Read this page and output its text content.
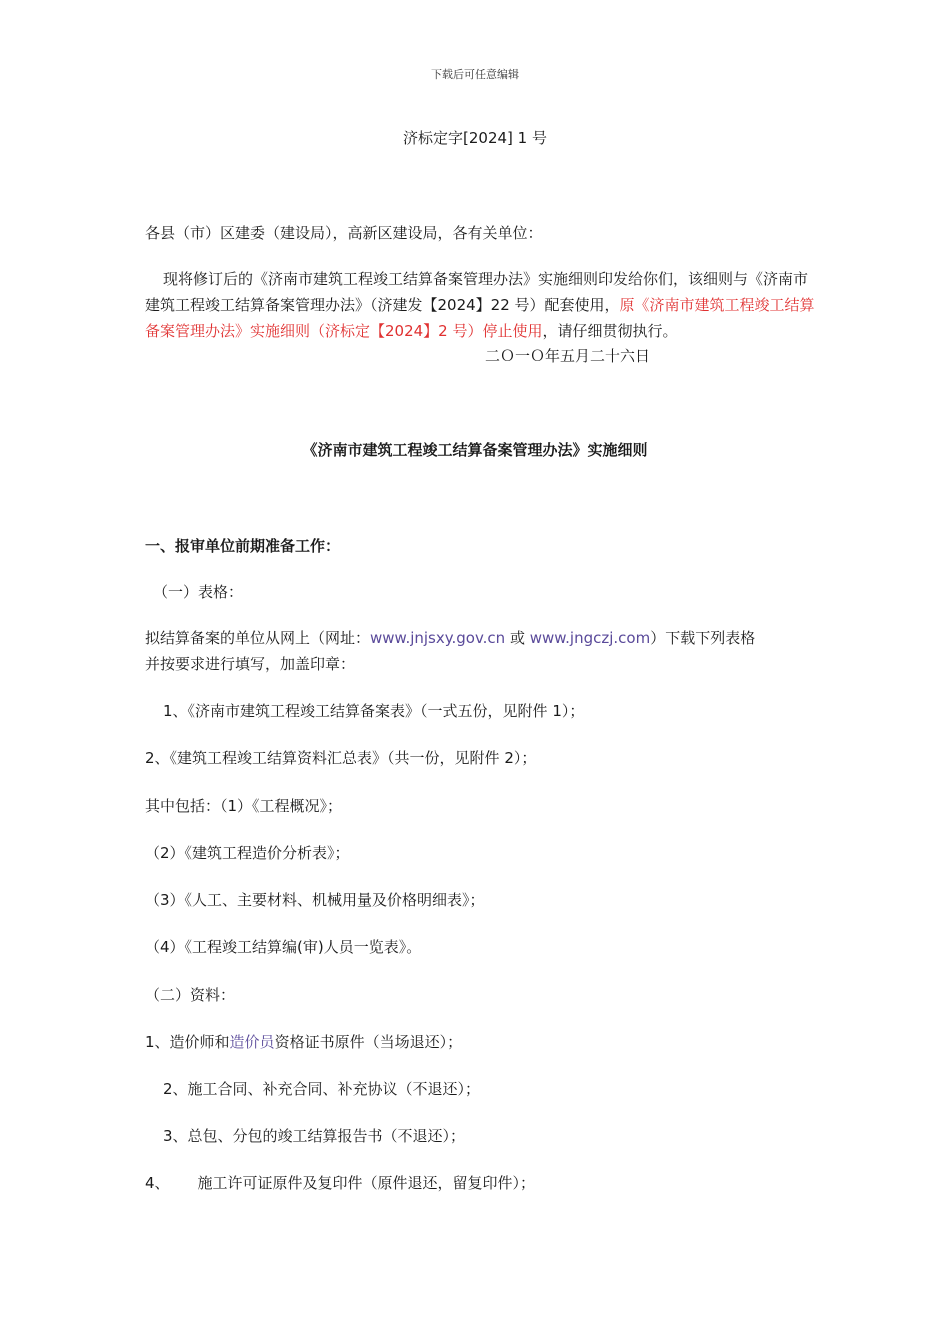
下载后可任意编辑
济标定字[2024] 1 号
各县（市）区建委（建设局），高新区建设局，各有关单位：
现将修订后的《济南市建筑工程竣工结算备案管理办法》实施细则印发给你们，该细则与《济南市建筑工程竣工结算备案管理办法》（济建发【2024】22 号）配套使用，原《济南市建筑工程竣工结算备案管理办法》实施细则（济标定【2024】2 号）停止使用，请仔细贯彻执行。
二Ｏ一Ｏ年五月二十六日
《济南市建筑工程竣工结算备案管理办法》实施细则
一、报审单位前期准备工作：
（一）表格：
拟结算备案的单位从网上（网址：www.jnjsxy.gov.cn 或 www.jngczj.com）下载下列表格
并按要求进行填写，加盖印章：
1、《济南市建筑工程竣工结算备案表》（一式五份，见附件 1）；
2、《建筑工程竣工结算资料汇总表》（共一份，见附件 2）；
其中包括：（1）《工程概况》；
（2）《建筑工程造价分析表》；
（3）《人工、主要材料、机械用量及价格明细表》；
（4）《工程竣工结算编(审)人员一览表》。
（二）资料：
1、造价师和造价员资格证书原件（当场退还）；
2、施工合同、补充合同、补充协议（不退还）；
3、总包、分包的竣工结算报告书（不退还）；
4、 施工许可证原件及复印件（原件退还，留复印件）；
